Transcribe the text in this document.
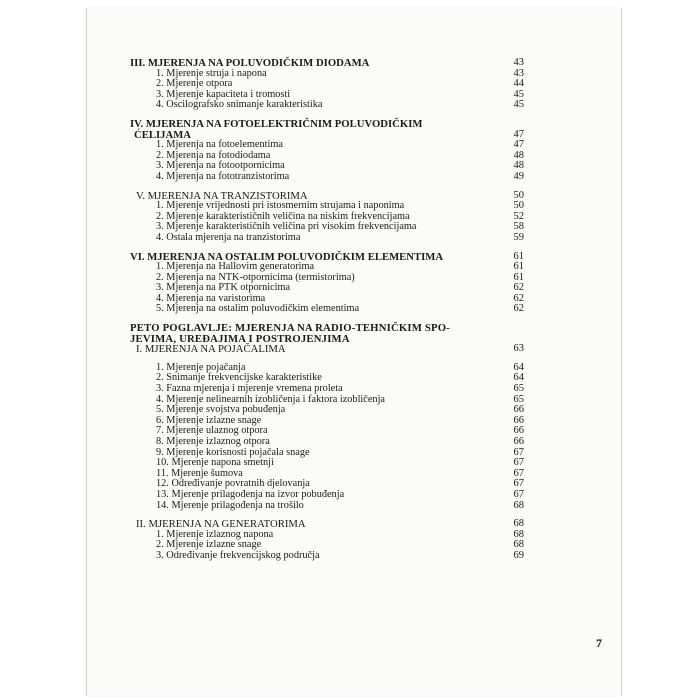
III. MJERENJA NA POLUVODIČKIM DIODAMA	43
1. Mjerenje struja i napona	43
2. Mjerenje otpora	44
3. Mjerenje kapaciteta i tromosti	45
4. Oscilografsko snimanje karakteristika	45
IV. MJERENJA NA FOTOELEKTRIČNIM POLUVODIČKIM
ĆELIJAMA	47
1. Mjerenja na fotoelementima	47
2. Mjerenja na fotodiodama	48
3. Mjerenja na fotootpornicima	48
4. Mjerenja na fototranzistorima	49
V. MJERENJA NA TRANZISTORIMA	50
1. Mjerenje vrijednosti pri istosmernim strujama i naponima	50
2. Mjerenje karakterističnih veličina na niskim frekvencijama	52
3. Mjerenje karakterističnih veličina pri visokim frekvencijama	58
4. Ostala mjerenja na tranzistorima	59
VI. MJERENJA NA OSTALIM POLUVODIČKIM ELEMENTIMA	61
1. Mjerenja na Hallovim generatorima	61
2. Mjerenja na NTK-otpornicima (termistorima)	61
3. Mjerenja na PTK otpornicima	62
4. Mjerenja na varistorima	62
5. Mjerenja na ostalim poluvodičkim elementima	62
PETO POGLAVLJE: MJERENJA NA RADIO-TEHNIČKIM SPO-
JEVIMA, UREĐAJIMA I POSTROJENJIMA
I. MJERENJA NA POJAČALIMA	63
1. Mjerenje pojačanja	64
2. Snimanje frekvencijske karakteristike	64
3. Fazna mjerenja i mjerenje vremena proleta	65
4. Mjerenje nelinearnih izobličenja i faktora izobličenja	65
5. Mjerenje svojstva pobuđenja	66
6. Mjerenje izlazne snage	66
7. Mjerenje ulaznog otpora	66
8. Mjerenje izlaznog otpora	66
9. Mjerenje korisnosti pojačala snage	67
10. Mjerenje napona smetnji	67
11. Mjerenje šumova	67
12. Određivanje povratnih djelovanja	67
13. Mjerenje prilagođenja na izvor pobuđenja	67
14. Mjerenje prilagođenja na trošilo	68
II. MJERENJA NA GENERATORIMA	68
1. Mjerenje izlaznog napona	68
2. Mjerenje izlazne snage	68
3. Određivanje frekvencijskog područja	69
7
